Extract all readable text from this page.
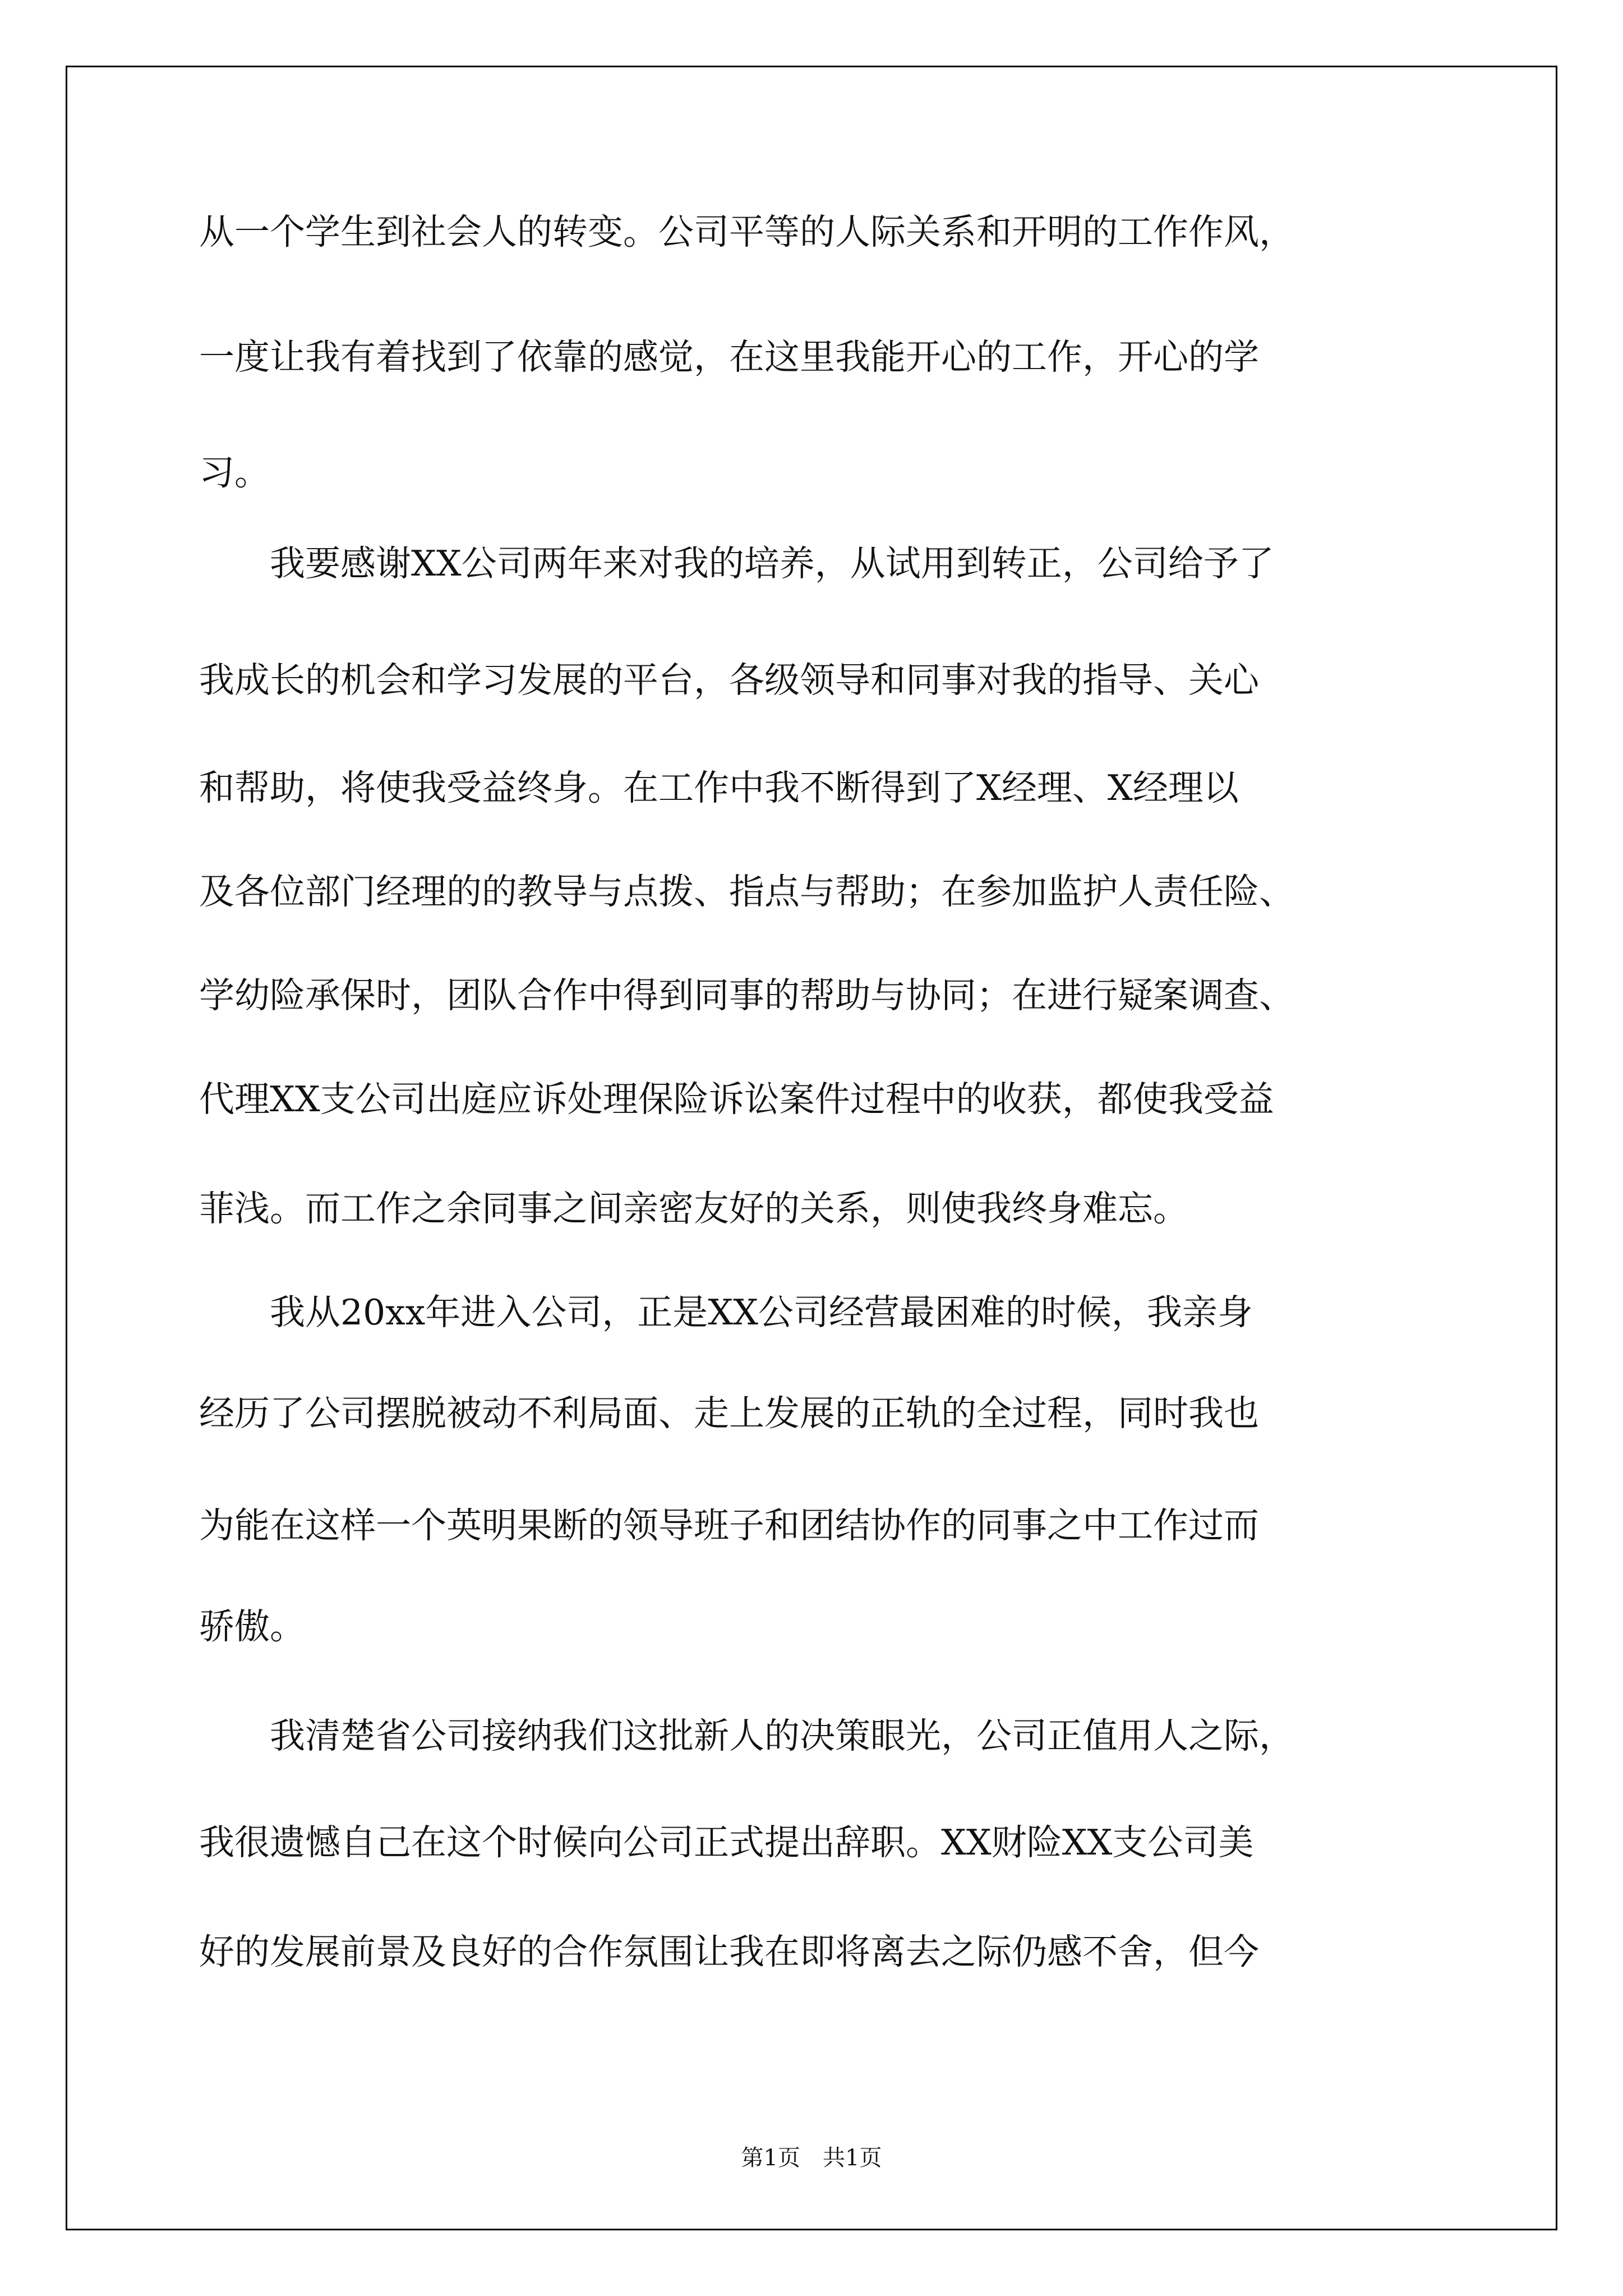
从一个学生到社会人的转变。公司平等的人际关系和开明的工作作风，
一度让我有着找到了依靠的感觉，在这里我能开心的工作，开心的学
习。
　　我要感谢XX公司两年来对我的培养，从试用到转正，公司给予了
我成长的机会和学习发展的平台，各级领导和同事对我的指导、关心
和帮助，将使我受益终身。在工作中我不断得到了X经理、X经理以
及各位部门经理的的教导与点拨、指点与帮助；在参加监护人责任险、
学幼险承保时，团队合作中得到同事的帮助与协同；在进行疑案调查、
代理XX支公司出庭应诉处理保险诉讼案件过程中的收获，都使我受益
菲浅。而工作之余同事之间亲密友好的关系，则使我终身难忘。
　　我从20xx年进入公司，正是XX公司经营最困难的时候，我亲身
经历了公司摆脱被动不利局面、走上发展的正轨的全过程，同时我也
为能在这样一个英明果断的领导班子和团结协作的同事之中工作过而
骄傲。
　　我清楚省公司接纳我们这批新人的决策眼光，公司正值用人之际，
我很遗憾自己在这个时候向公司正式提出辞职。XX财险XX支公司美
好的发展前景及良好的合作氛围让我在即将离去之际仍感不舍，但今
第1页　共1页
